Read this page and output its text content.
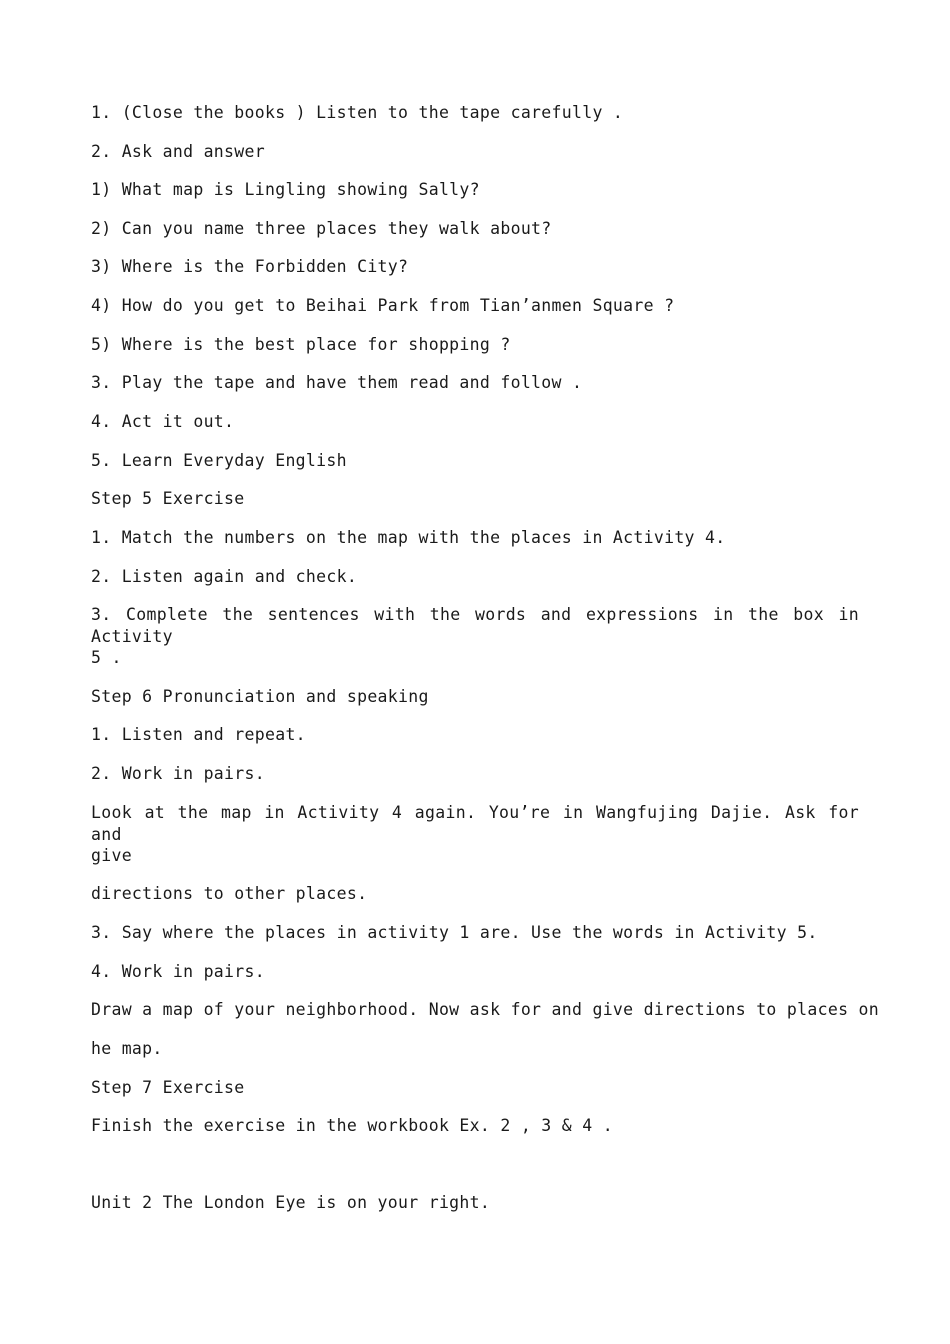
1. (Close the books ) Listen to the tape carefully .
2. Ask and answer
1) What map is Lingling showing Sally?
2) Can you name three places they walk about?
3) Where is the Forbidden City?
4) How do you get to Beihai Park from Tian’anmen Square ?
5) Where is the best place for shopping ?
3. Play the tape and have them read and follow .
4. Act it out.
5. Learn Everyday English
Step 5 Exercise
1. Match the numbers on the map with the places in Activity 4.
2. Listen again and check.
3. Complete the sentences with the words and expressions in the box in Activity
5 .
Step 6 Pronunciation and speaking
1. Listen and repeat.
2. Work in pairs.
Look at the map in Activity 4 again. You’re in Wangfujing Dajie. Ask for and
give
directions to other places.
3. Say where the places in activity 1 are. Use the words in Activity 5.
4. Work in pairs.
Draw a map of your neighborhood. Now ask for and give directions to places on
he map.
Step 7 Exercise
Finish the exercise in the workbook Ex. 2 , 3 & 4 .
Unit 2 The London Eye is on your right.
